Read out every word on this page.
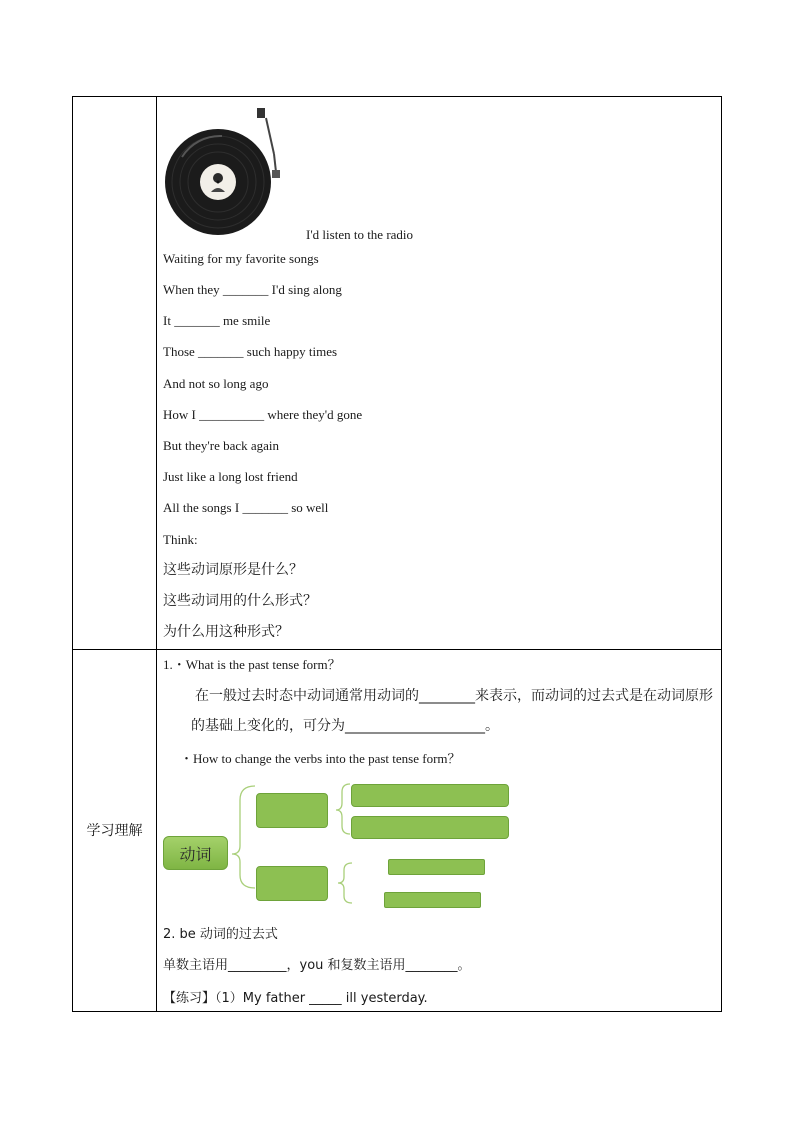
学习理解
I'd listen to the radio
Waiting for my favorite songs
When they _______ I'd sing along
It _______ me smile
Those _______ such happy times
And not so long ago
How I __________ where they'd gone
But they're back again
Just like a long lost friend
All the songs I _______ so well
Think:
这些动词原形是什么？
这些动词用的什么形式？
为什么用这种形式？
1.・What is the past tense form？
在一般过去时态中动词通常用动词的________来表示，而动词的过去式是在动词原形
的基础上变化的，可分为____________________。
・How to change the verbs into the past tense form？
动词
2. be 动词的过去式
单数主语用_________，you 和复数主语用________。
【练习】（1）My father _____ ill yesterday.
